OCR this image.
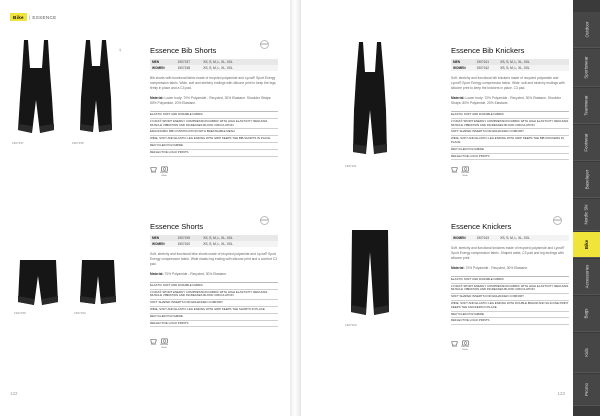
Bike	| ESSENCE
1907157	1907158
♀	Essence Bib Shorts
MEN	1907157	XS, S, M, L, XL, XXL
WOMEN	1907158	XS, S, M, L, XL, XXL
Bib shorts with functional fabric made of recycled polyamide and Lycra® Sport Energy compression fabric. Wide, soft and stretchy endings with silicone print to keep the legs firmly in place and a C3 pad.
Material: Lower body: 70% Polyamide - Recycled, 30% Elastane. Shoulder Straps: 80% Polyamide, 20% Elastane.
ELASTIC SOFT AND DURABLE FABRIC
LYCRA® SPORT ENERGY COMPRESSION FABRIC WITH HIGH ELASTICITY REDUCES MUSCLE VIBRATION AND INCREASES BLOOD CIRCULATION
ERGONOMIC BIB CONSTRUCTION WITH BREATHABLE MESH
WIDE, SOFT AND ELASTIC LEG ENDING WITH GRIP KEEPS THE BIB SHORTS IN PLACE
RECYCLED POLYAMIDE
REFLECTIVE LOGO PRINTS
CRAFT
Wash Machine Wash
1907159	1907160
Essence Shorts
MEN	1907159	XS, S, M, L, XL, XXL
WOMEN	1907160	XS, S, M, L, XL, XXL
Soft, stretchy and functional bike shorts made of recycled polyamide and Lycra® Sport Energy compression fabric. Wide elastic leg ending with silicone print and a comfort C3 pad.
Material: 70% Polyamide - Recycled, 30% Elastane.
ELASTIC SOFT AND DURABLE FABRIC
LYCRA® SPORT ENERGY COMPRESSION FABRIC WITH HIGH ELASTICITY REDUCES MUSCLE VIBRATION AND INCREASES BLOOD CIRCULATION
SOFT SHAPED INSERTS FOR ENHANCED COMFORT
WIDE, SOFT AND ELASTIC LEG ENDING WITH GRIP KEEPS THE SHORTS IN PLACE
RECYCLED POLYAMIDE
REFLECTIVE LOGO PRINTS
CRAFT
Wash Machine Wash
122
1907161
Essence Bib Knickers
MEN	1907161	XS, S, M, L, XL, XXL
WOMEN	1907162	XS, S, M, L, XL, XXL
Soft, stretchy and functional bib knickers made of recycled polyamide and Lycra® Sport Energy compression fabric. Wide, soft and stretchy endings with silicone print to keep the knickers in place. C3 pad.
Material: Lower body: 70% Polyamide - Recycled, 30% Elastane. Shoulder Straps: 80% Polyamide, 20% Elastane.
ELASTIC SOFT AND DURABLE FABRIC
LYCRA® SPORT ENERGY COMPRESSION FABRIC WITH HIGH ELASTICITY REDUCES MUSCLE VIBRATION AND INCREASES BLOOD CIRCULATION
SOFT SHAPED INSERTS FOR ENHANCED COMFORT
WIDE, SOFT AND ELASTIC LEG ENDING WITH GRIP KEEPS THE BIB KNICKERS IN PLACE
RECYCLED POLYAMIDE
REFLECTIVE LOGO PRINTS
Wash Machine Wash
1907163
Essence Knickers
WOMEN	1907163	XS, S, M, L, XL, XXL
Soft, stretchy and functional knickers made of recycled polyamide and Lycra® Sport Energy compression fabric. Shaped waist, C3 pad and leg endings with silicone print.
Material: 70% Polyamide - Recycled, 30% Elastane.
ELASTIC SOFT AND DURABLE FABRIC
LYCRA® SPORT ENERGY COMPRESSION FABRIC WITH HIGH ELASTICITY REDUCES MUSCLE VIBRATION AND INCREASES BLOOD CIRCULATION
SOFT SHAPED INSERTS FOR ENHANCED COMFORT
WIDE, SOFT AND ELASTIC LEG ENDING WITH DOUBLE BRAND AND SILICONE PRINT KEEPS THE KNICKERS IN PLACE
RECYCLED POLYAMIDE
REFLECTIVE LOGO PRINTS
CRAFT
Wash Machine Wash
123
Outdoor
Sportswear
Teamwear
Footwear
Baselayer
Nordic Ski
Bike
Accessories
Bags
Kids
Promo
